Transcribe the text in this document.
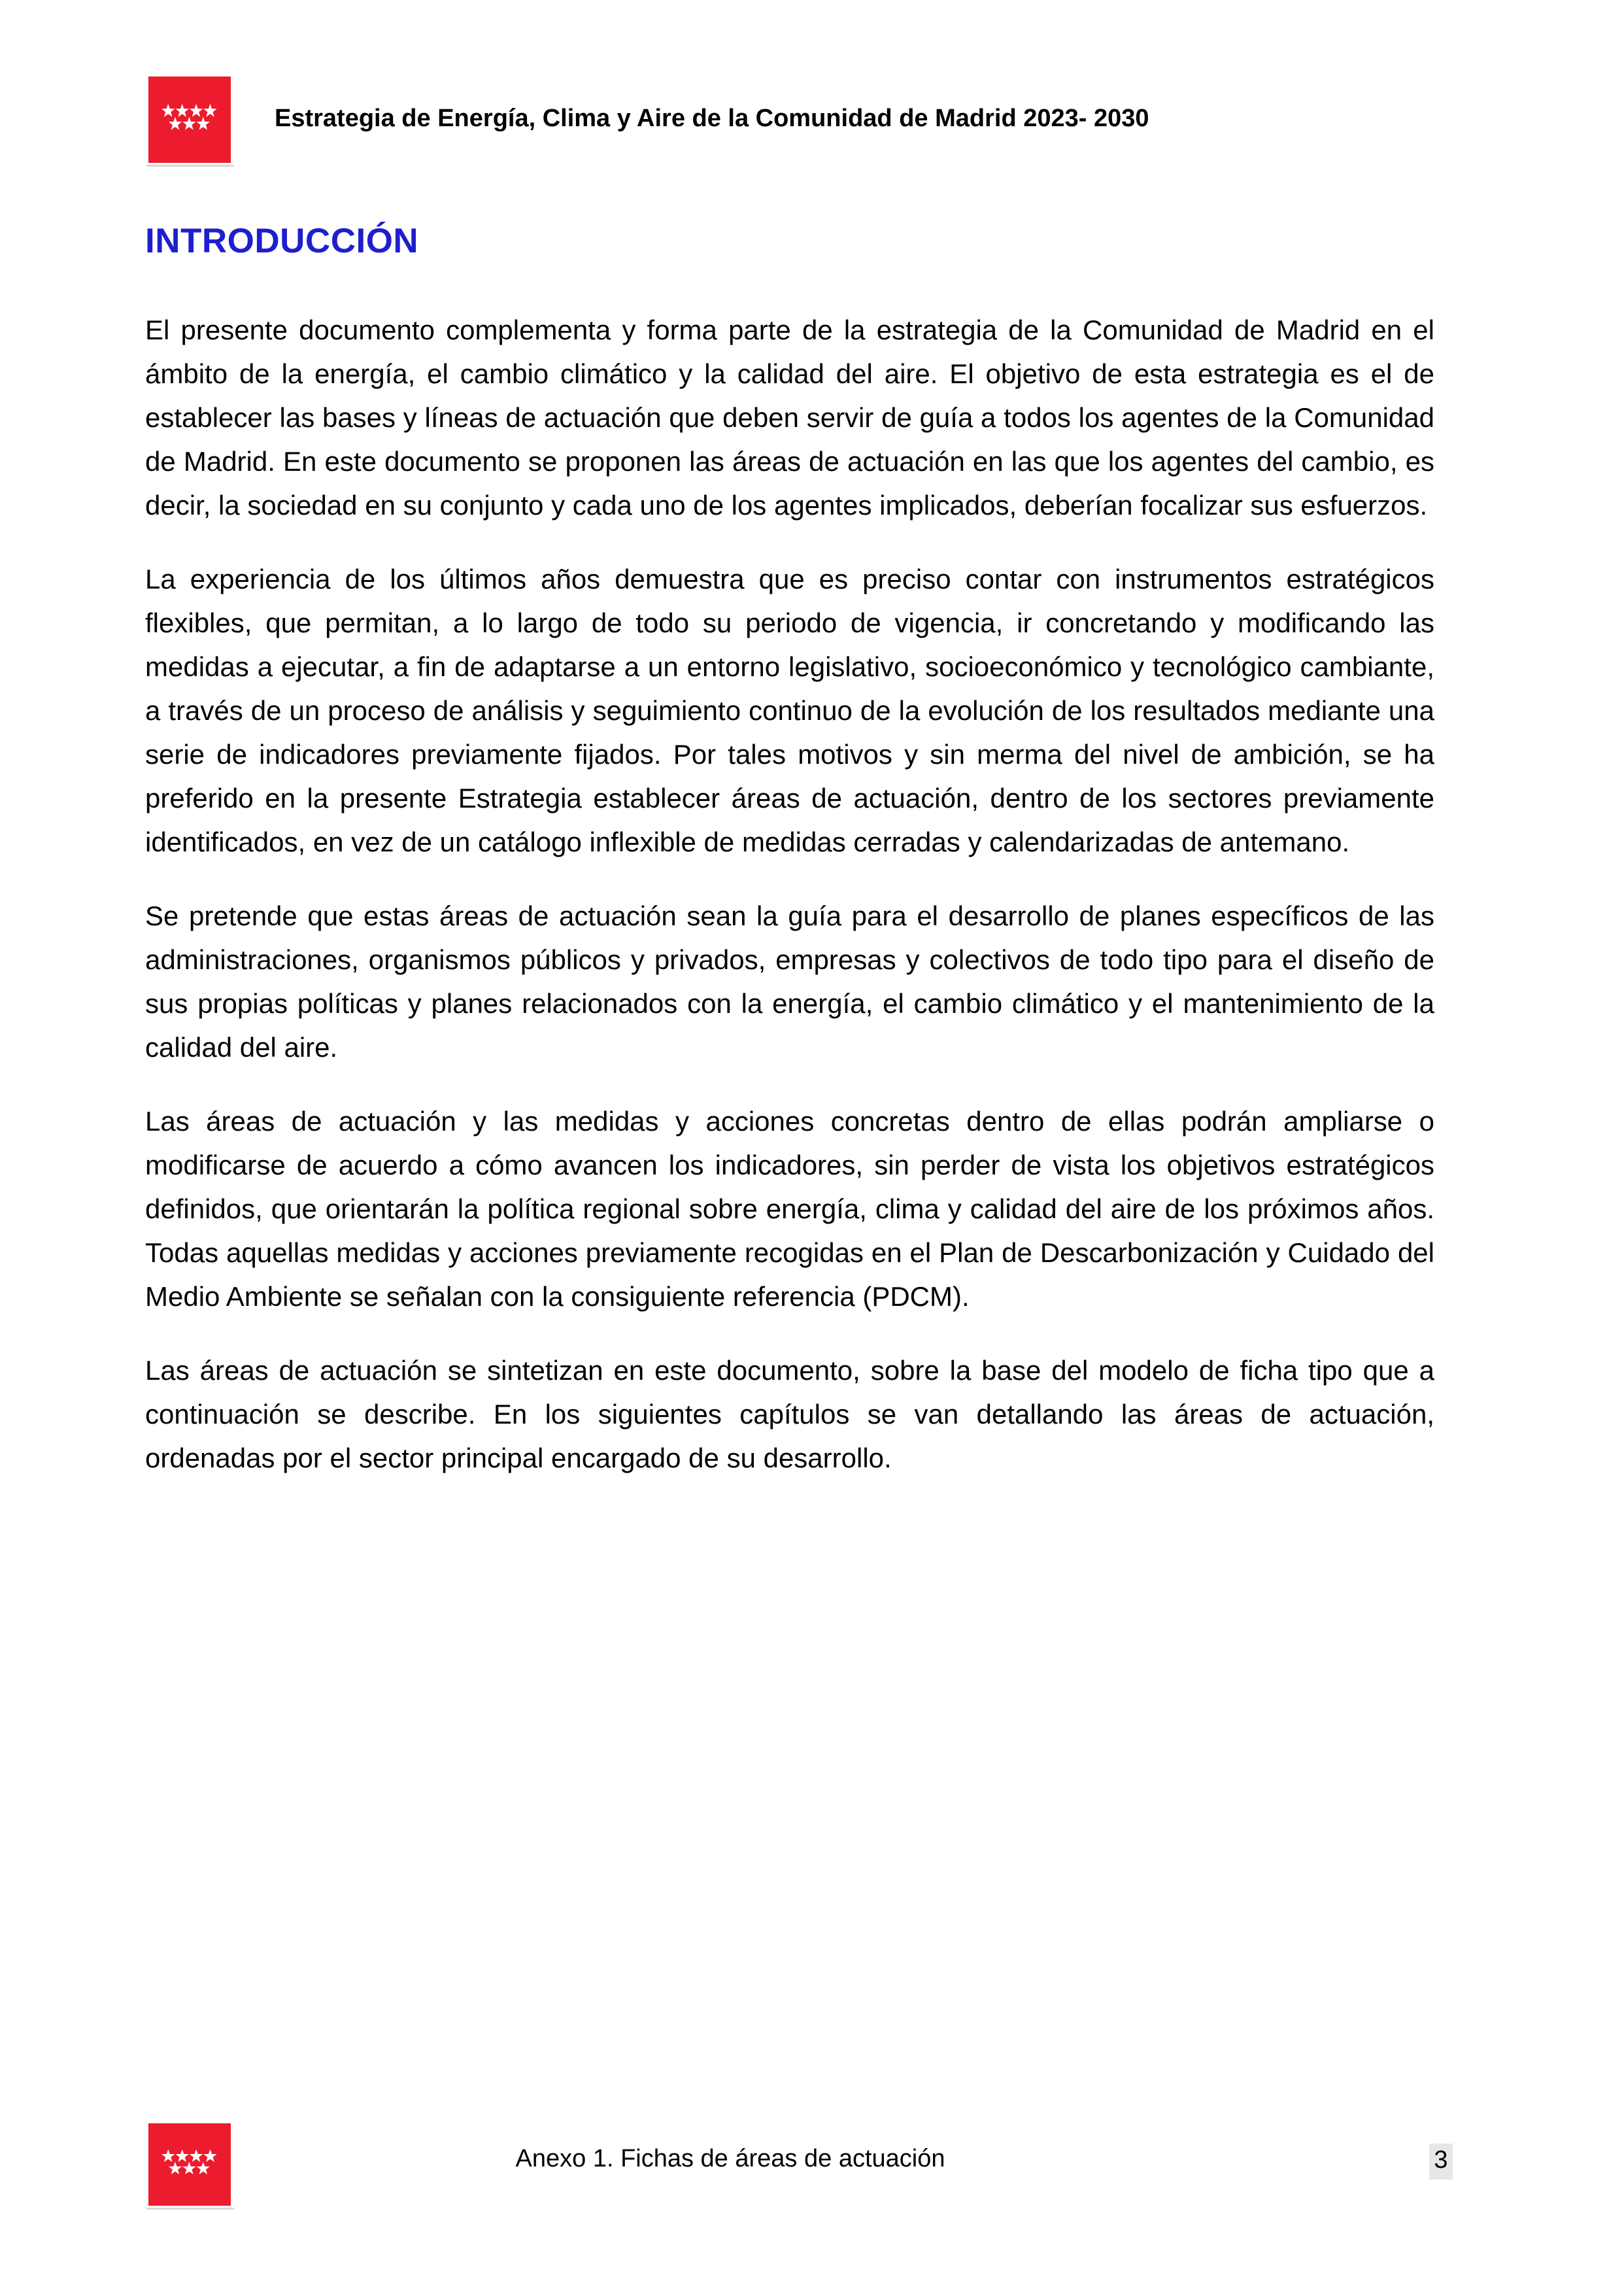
Estrategia de Energía, Clima y Aire de la Comunidad de Madrid 2023- 2030
INTRODUCCIÓN

El presente documento complementa y forma parte de la estrategia de la Comunidad de Madrid en el ámbito de la energía, el cambio climático y la calidad del aire. El objetivo de esta estrategia es el de establecer las bases y líneas de actuación que deben servir de guía a todos los agentes de la Comunidad de Madrid. En este documento se proponen las áreas de actuación en las que los agentes del cambio, es decir, la sociedad en su conjunto y cada uno de los agentes implicados, deberían focalizar sus esfuerzos.

La experiencia de los últimos años demuestra que es preciso contar con instrumentos estratégicos flexibles, que permitan, a lo largo de todo su periodo de vigencia, ir concretando y modificando las medidas a ejecutar, a fin de adaptarse a un entorno legislativo, socioeconómico y tecnológico cambiante, a través de un proceso de análisis y seguimiento continuo de la evolución de los resultados mediante una serie de indicadores previamente fijados. Por tales motivos y sin merma del nivel de ambición, se ha preferido en la presente Estrategia establecer áreas de actuación, dentro de los sectores previamente identificados, en vez de un catálogo inflexible de medidas cerradas y calendarizadas de antemano.

Se pretende que estas áreas de actuación sean la guía para el desarrollo de planes específicos de las administraciones, organismos públicos y privados, empresas y colectivos de todo tipo para el diseño de sus propias políticas y planes relacionados con la energía, el cambio climático y el mantenimiento de la calidad del aire.

Las áreas de actuación y las medidas y acciones concretas dentro de ellas podrán ampliarse o modificarse de acuerdo a cómo avancen los indicadores, sin perder de vista los objetivos estratégicos definidos, que orientarán la política regional sobre energía, clima y calidad del aire de los próximos años. Todas aquellas medidas y acciones previamente recogidas en el Plan de Descarbonización y Cuidado del Medio Ambiente se señalan con la consiguiente referencia (PDCM).

Las áreas de actuación se sintetizan en este documento, sobre la base del modelo de ficha tipo que a continuación se describe. En los siguientes capítulos se van detallando las áreas de actuación, ordenadas por el sector principal encargado de su desarrollo.

Anexo 1. Fichas de áreas de actuación	3
